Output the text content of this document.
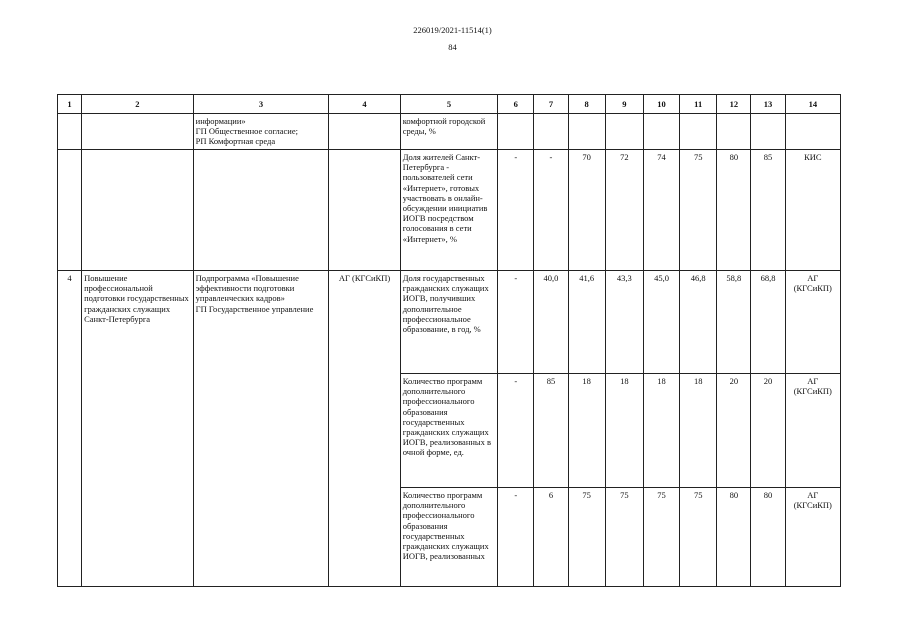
226019/2021-11514(1)
84
1	2	3	4	5	6	7	8	9	10	11	12	13	14
		информации»
ГП Общественное согласие;
РП Комфортная среда		комфортной городской среды, %									
				Доля жителей Санкт-Петербурга - пользователей сети «Интернет», готовых участвовать в онлайн-обсуждении инициатив ИОГВ посредством голосования в сети «Интернет», %	-	-	70	72	74	75	80	85	КИС
4	Повышение профессиональной подготовки государственных гражданских служащих Санкт-Петербурга	Подпрограмма «Повышение эффективности подготовки управленческих кадров»
ГП Государственное управление	АГ (КГСиКП)	Доля государственных гражданских служащих ИОГВ, получивших дополнительное профессиональное образование, в год, %	-	40,0	41,6	43,3	45,0	46,8	58,8	68,8	АГ (КГСиКП)
				Количество программ дополнительного профессионального образования государственных гражданских служащих ИОГВ, реализованных в очной форме, ед.	-	85	18	18	18	18	20	20	АГ (КГСиКП)
				Количество программ дополнительного профессионального образования государственных гражданских служащих ИОГВ, реализованных	-	6	75	75	75	75	80	80	АГ (КГСиКП)
